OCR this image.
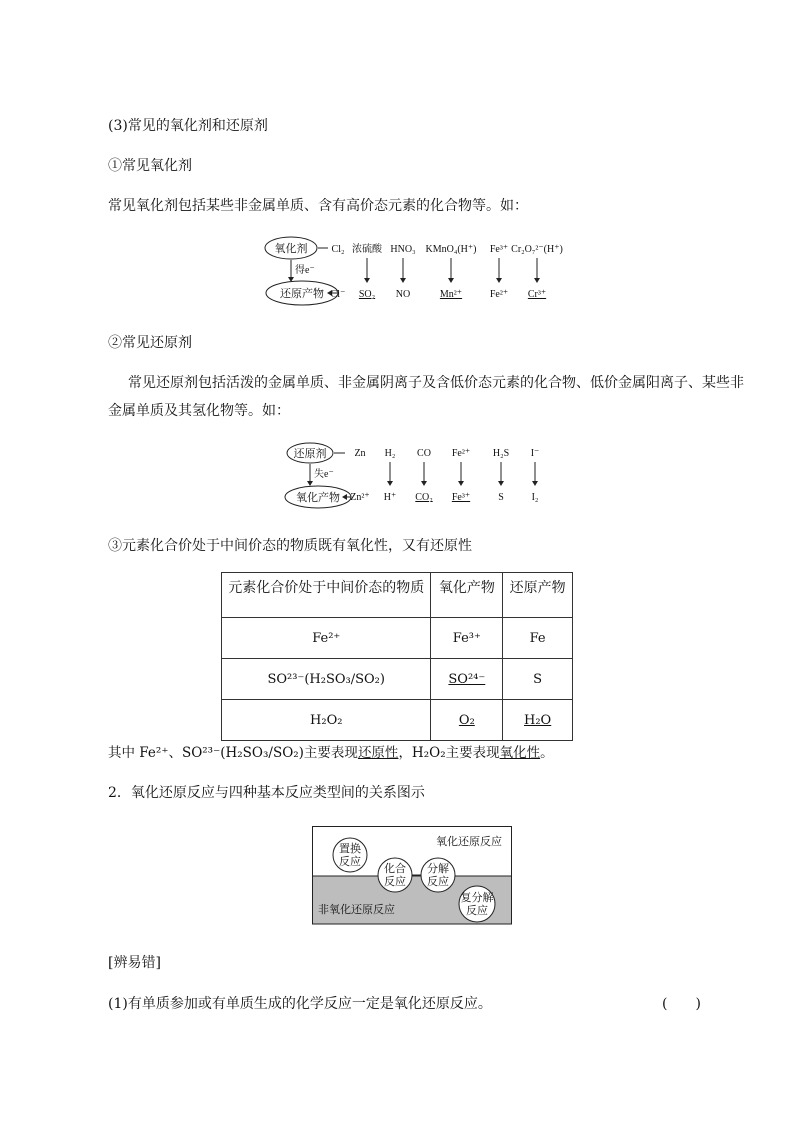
(3)常见的氧化剂和还原剂
①常见氧化剂
常见氧化剂包括某些非金属单质、含有高价态元素的化合物等。如：
氧化剂
还原产物
得e⁻
Cl₂
Cl⁻
浓硫酸
SO₂
HNO₃
NO
KMnO₄(H⁺)
Mn²⁺
Fe³⁺
Fe²⁺
Cr₂O₇²⁻(H⁺)
Cr³⁺
②常见还原剂
常见还原剂包括活泼的金属单质、非金属阴离子及含低价态元素的化合物、低价金属阳离子、某些非
金属单质及其氢化物等。如：
还原剂
氧化产物
失e⁻
Zn
Zn²⁺
H₂
H⁺
CO
CO₂
Fe²⁺
Fe³⁺
H₂S
S
I⁻
I₂
③元素化合价处于中间价态的物质既有氧化性，又有还原性
元素化合价处于中间价态的物质	氧化产物	还原产物
Fe²⁺	Fe³⁺	Fe
SO²³⁻(H₂SO₃/SO₂)	SO²⁴⁻	S
H₂O₂	O₂	H₂O
其中 Fe²⁺、SO²³⁻(H₂SO₃/SO₂)主要表现还原性，H₂O₂主要表现氧化性。
2．氧化还原反应与四种基本反应类型间的关系图示
氧化还原反应
非氧化还原反应
置换
反应
化合
反应
分解
反应
复分解
反应
[辨易错]
(1)有单质参加或有单质生成的化学反应一定是氧化还原反应。	(　　)
